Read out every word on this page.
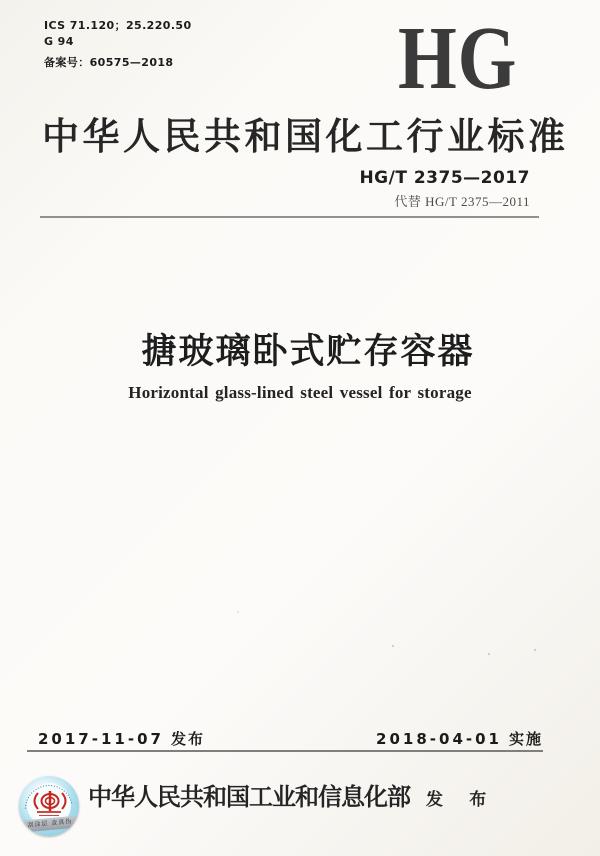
ICS 71.120；25.220.50
G 94
备案号：60575—2018 HG
中华人民共和国化工行业标准
HG/T 2375—2017
代替 HG/T 2375—2011
搪玻璃卧式贮存容器
Horizontal glass-lined steel vessel for storage
2017-11-07 发布	2018-04-01 实施
中华人民共和国工业和信息化部 发 布
•••••••••••••••••••••••••
刮涂层 查真伪
